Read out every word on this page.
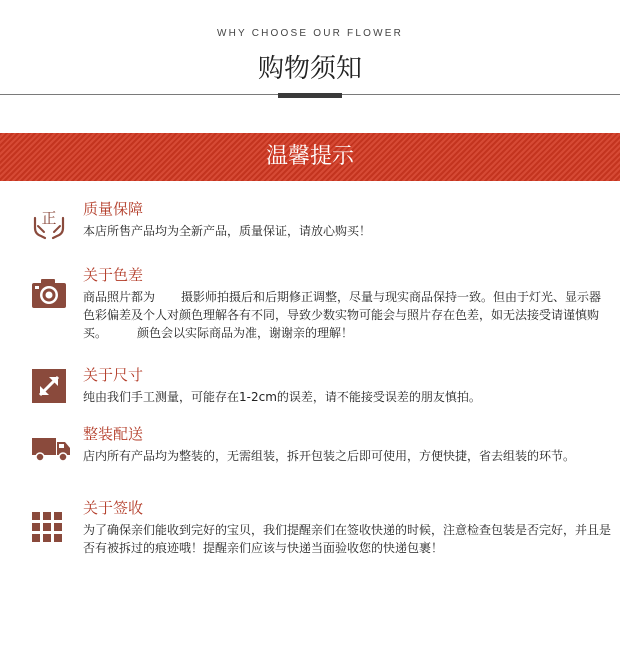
WHY CHOOSE OUR FLOWER
购物须知
温馨提示
正 质量保障
本店所售产品均为全新产品，质量保证，请放心购买！
关于色差
商品照片都为 摄影师拍摄后和后期修正调整，尽量与现实商品保持一致。但由于灯光、显示器色彩偏差及个人对颜色理解各有不同，导致少数实物可能会与照片存在色差，如无法接受请谨慎购买。	颜色会以实际商品为准，谢谢亲的理解！
关于尺寸
纯由我们手工测量，可能存在1-2cm的误差，请不能接受误差的朋友慎拍。
整装配送
店内所有产品均为整装的，无需组装，拆开包装之后即可使用，方便快捷，省去组装的环节。
关于签收
为了确保亲们能收到完好的宝贝，我们提醒亲们在签收快递的时候，注意检查包装是否完好，并且是否有被拆过的痕迹哦！提醒亲们应该与快递当面验收您的快递包裹！
